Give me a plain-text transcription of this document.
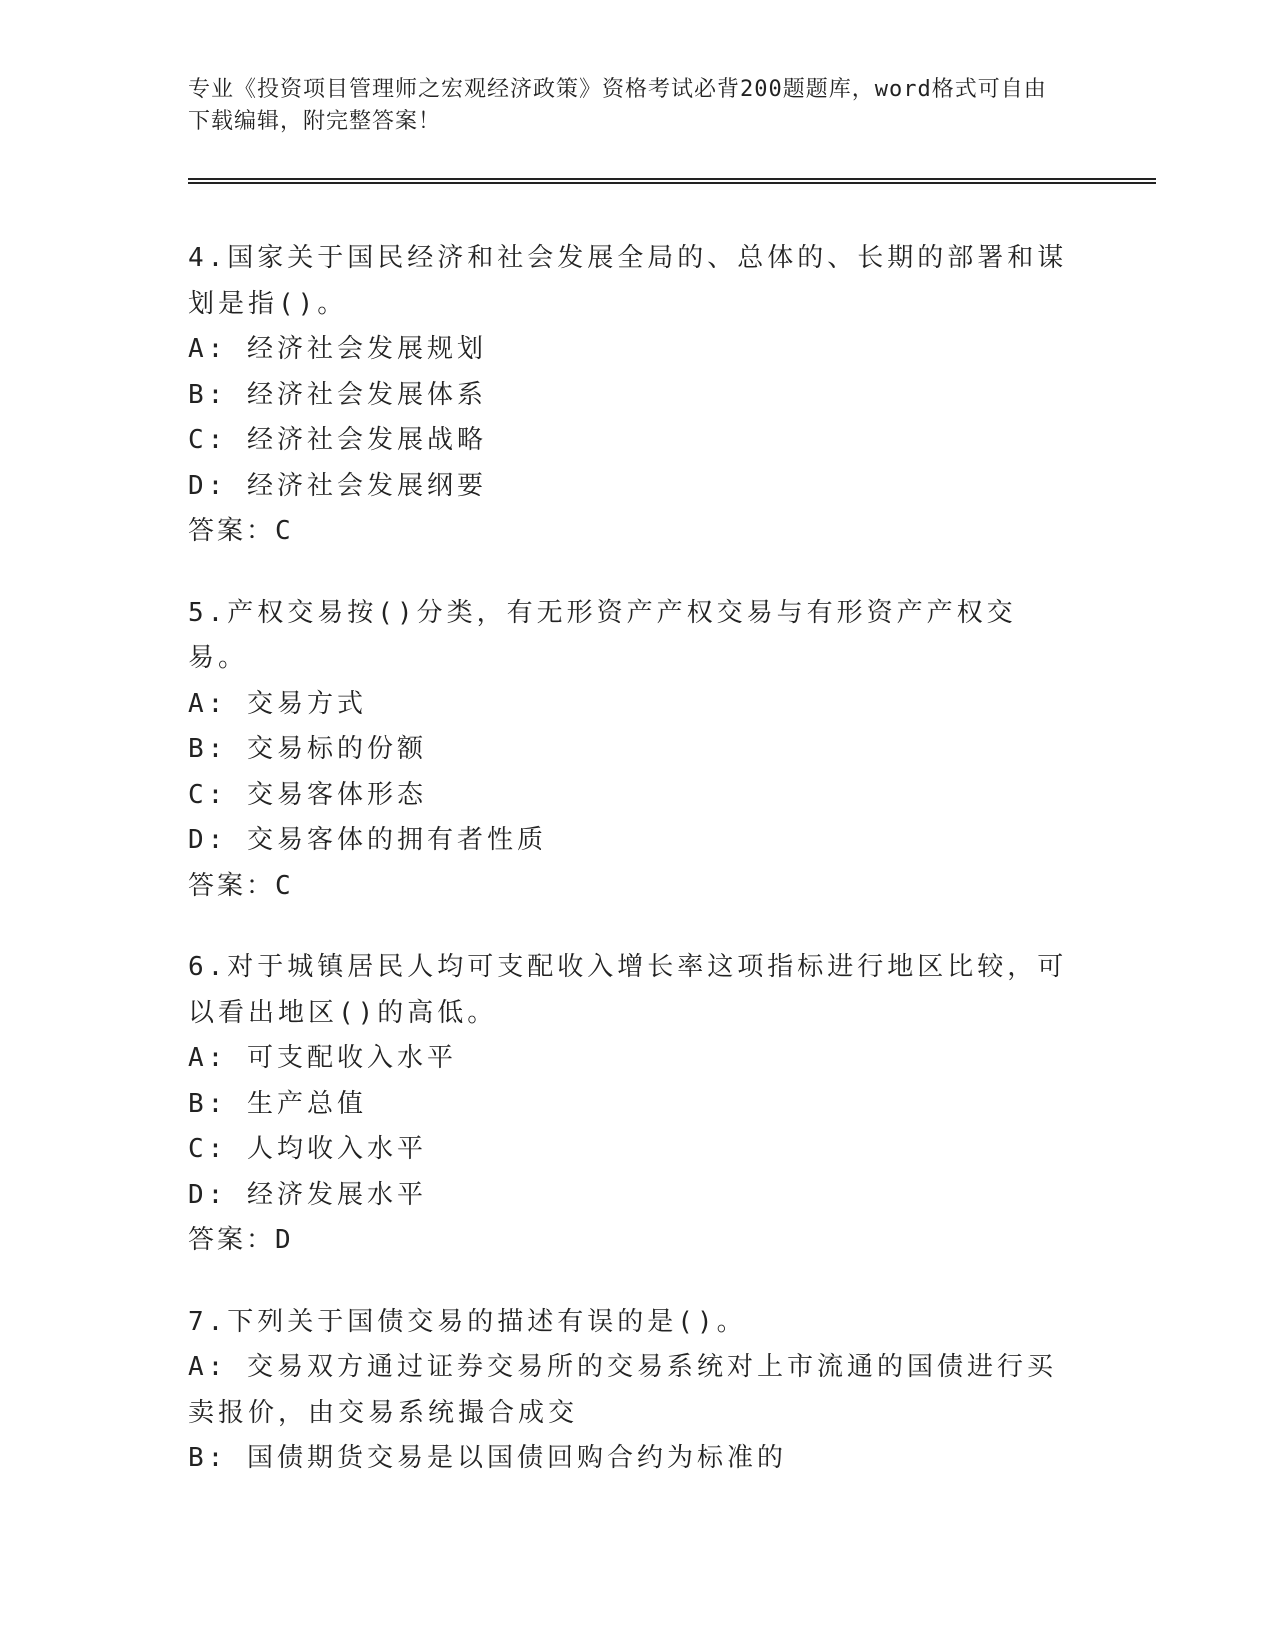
专业《投资项目管理师之宏观经济政策》资格考试必背200题题库，word格式可自由下载编辑，附完整答案！
4.国家关于国民经济和社会发展全局的、总体的、长期的部署和谋划是指()。
A: 经济社会发展规划
B: 经济社会发展体系
C: 经济社会发展战略
D: 经济社会发展纲要
答案：C
5.产权交易按()分类，有无形资产产权交易与有形资产产权交易。
A: 交易方式
B: 交易标的份额
C: 交易客体形态
D: 交易客体的拥有者性质
答案：C
6.对于城镇居民人均可支配收入增长率这项指标进行地区比较，可以看出地区()的高低。
A: 可支配收入水平
B: 生产总值
C: 人均收入水平
D: 经济发展水平
答案：D
7.下列关于国债交易的描述有误的是()。
A: 交易双方通过证券交易所的交易系统对上市流通的国债进行买卖报价，由交易系统撮合成交
B: 国债期货交易是以国债回购合约为标准的
